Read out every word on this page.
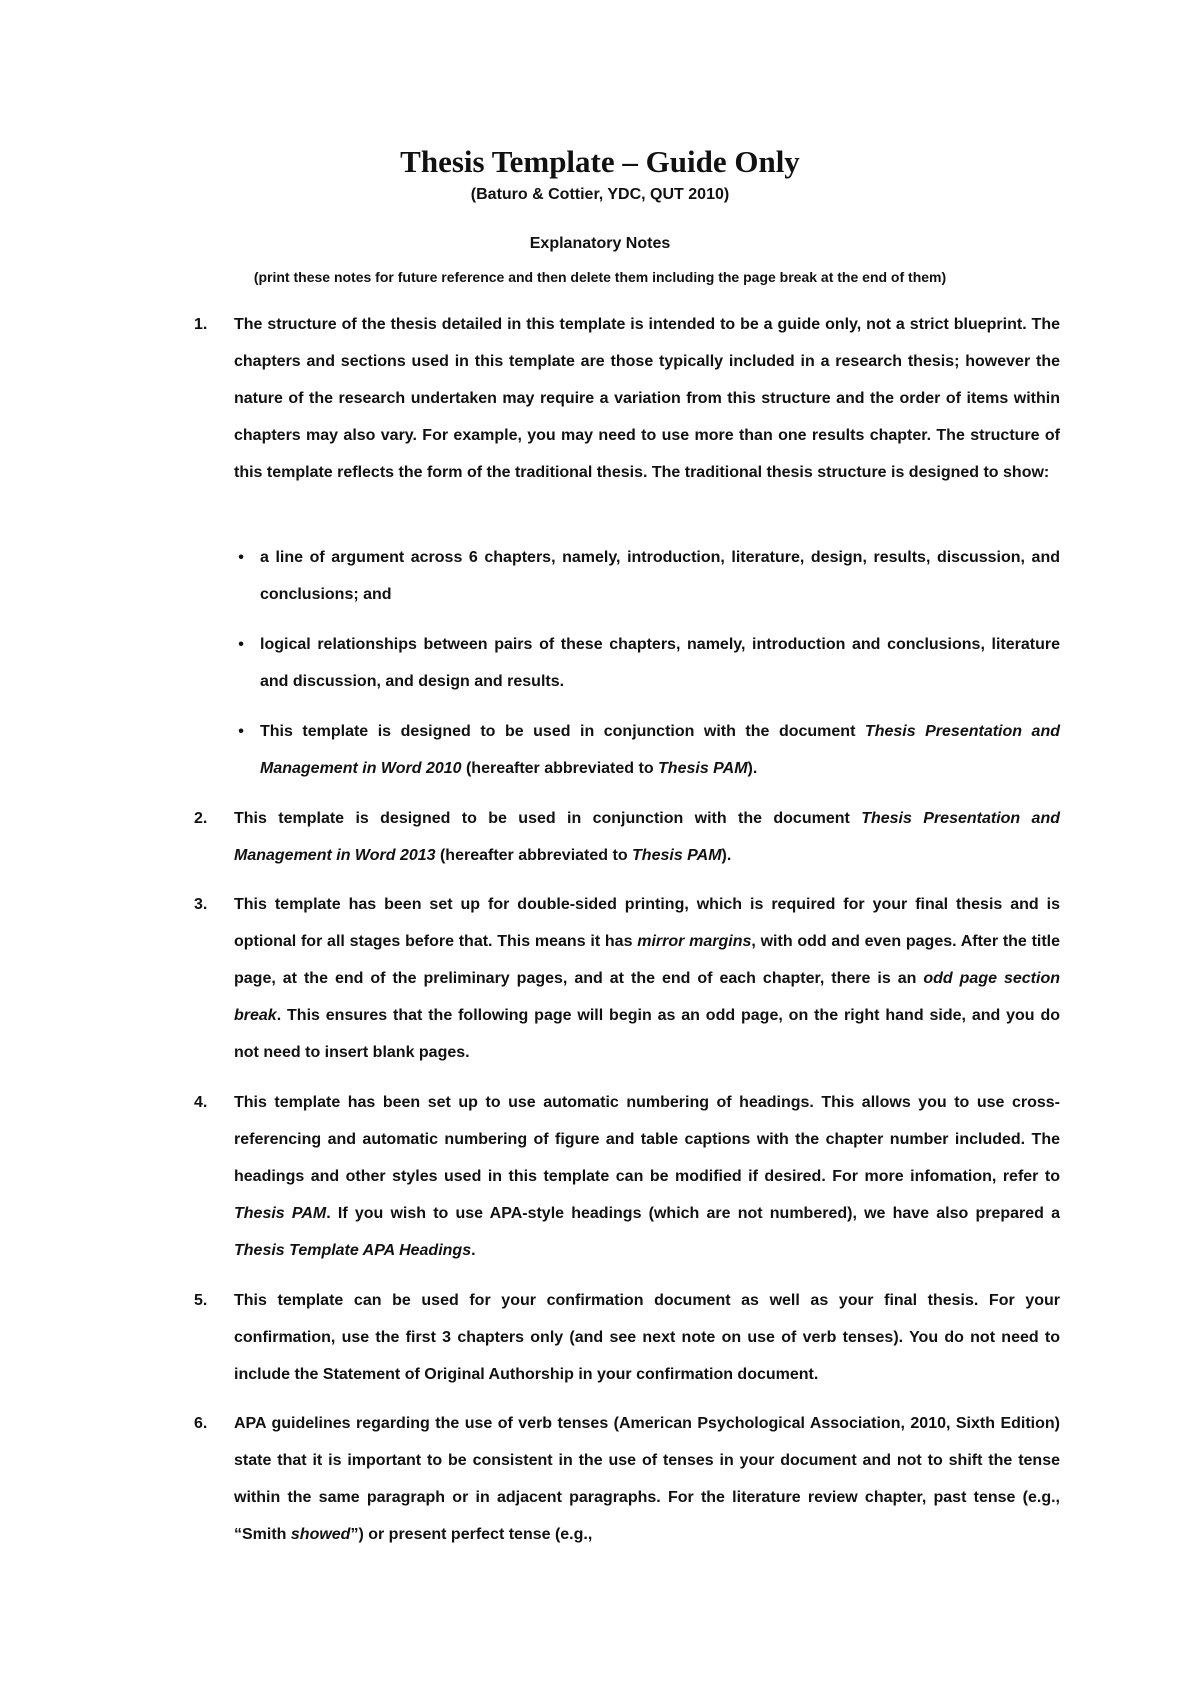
Thesis Template – Guide Only
(Baturo & Cottier, YDC, QUT 2010)
Explanatory Notes
(print these notes for future reference and then delete them including the page break at the end of them)
1.	The structure of the thesis detailed in this template is intended to be a guide only, not a strict blueprint. The chapters and sections used in this template are those typically included in a research thesis; however the nature of the research undertaken may require a variation from this structure and the order of items within chapters may also vary. For example, you may need to use more than one results chapter. The structure of this template reflects the form of the traditional thesis. The traditional thesis structure is designed to show:
• a line of argument across 6 chapters, namely, introduction, literature, design, results, discussion, and conclusions; and
• logical relationships between pairs of these chapters, namely, introduction and conclusions, literature and discussion, and design and results.
• This template is designed to be used in conjunction with the document Thesis Presentation and Management in Word 2010 (hereafter abbreviated to Thesis PAM).
2.	This template is designed to be used in conjunction with the document Thesis Presentation and Management in Word 2013 (hereafter abbreviated to Thesis PAM).
3.	This template has been set up for double-sided printing, which is required for your final thesis and is optional for all stages before that. This means it has mirror margins, with odd and even pages. After the title page, at the end of the preliminary pages, and at the end of each chapter, there is an odd page section break. This ensures that the following page will begin as an odd page, on the right hand side, and you do not need to insert blank pages.
4.	This template has been set up to use automatic numbering of headings. This allows you to use cross-referencing and automatic numbering of figure and table captions with the chapter number included. The headings and other styles used in this template can be modified if desired. For more infomation, refer to Thesis PAM. If you wish to use APA-style headings (which are not numbered), we have also prepared a Thesis Template APA Headings.
5.	This template can be used for your confirmation document as well as your final thesis. For your confirmation, use the first 3 chapters only (and see next note on use of verb tenses). You do not need to include the Statement of Original Authorship in your confirmation document.
6.	APA guidelines regarding the use of verb tenses (American Psychological Association, 2010, Sixth Edition) state that it is important to be consistent in the use of tenses in your document and not to shift the tense within the same paragraph or in adjacent paragraphs. For the literature review chapter, past tense (e.g., “Smith showed”) or present perfect tense (e.g.,
